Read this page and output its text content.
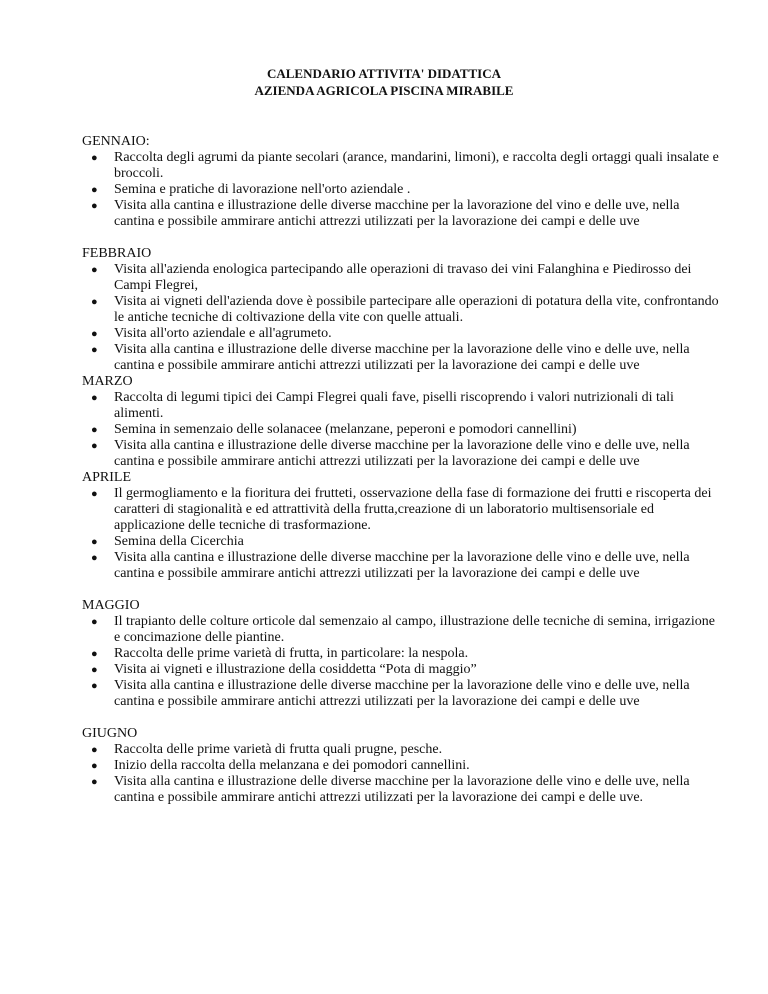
CALENDARIO ATTIVITA' DIDATTICA
AZIENDA AGRICOLA PISCINA MIRABILE
GENNAIO:
● Raccolta degli agrumi da piante secolari (arance, mandarini, limoni), e raccolta degli ortaggi quali insalate e broccoli.
● Semina e pratiche di lavorazione nell'orto aziendale .
● Visita alla cantina e illustrazione delle diverse macchine per la lavorazione del vino e delle uve, nella cantina e possibile ammirare antichi attrezzi utilizzati per la lavorazione dei campi e delle uve
FEBBRAIO
● Visita all'azienda enologica partecipando alle operazioni di travaso dei vini Falanghina e Piedirosso dei Campi Flegrei,
● Visita ai vigneti dell'azienda dove è possibile partecipare alle operazioni di potatura della vite, confrontando le antiche tecniche di coltivazione della vite con quelle attuali.
● Visita all'orto aziendale e all'agrumeto.
● Visita alla cantina e illustrazione delle diverse macchine per la lavorazione delle vino e delle uve, nella cantina e possibile ammirare antichi attrezzi utilizzati per la lavorazione dei campi e delle uve
MARZO
● Raccolta di legumi tipici dei Campi Flegrei quali fave, piselli riscoprendo i valori nutrizionali di tali alimenti.
● Semina in semenzaio delle solanacee (melanzane, peperoni e pomodori cannellini)
● Visita alla cantina e illustrazione delle diverse macchine per la lavorazione delle vino e delle uve, nella cantina e possibile ammirare antichi attrezzi utilizzati per la lavorazione dei campi e delle uve
APRILE
● Il germogliamento e la fioritura dei frutteti, osservazione della fase di formazione dei frutti e riscoperta dei caratteri di stagionalità e ed attrattività della frutta,creazione di un laboratorio multisensoriale ed applicazione delle tecniche di trasformazione.
● Semina della Cicerchia
● Visita alla cantina e illustrazione delle diverse macchine per la lavorazione delle vino e delle uve, nella cantina e possibile ammirare antichi attrezzi utilizzati per la lavorazione dei campi e delle uve
MAGGIO
● Il trapianto delle colture orticole dal semenzaio al campo, illustrazione delle tecniche di semina, irrigazione e concimazione delle piantine.
● Raccolta delle prime varietà di frutta, in particolare: la nespola.
● Visita ai vigneti e illustrazione della cosiddetta “Pota di maggio”
● Visita alla cantina e illustrazione delle diverse macchine per la lavorazione delle vino e delle uve, nella cantina e possibile ammirare antichi attrezzi utilizzati per la lavorazione dei campi e delle uve
GIUGNO
● Raccolta delle prime varietà di frutta quali prugne, pesche.
● Inizio della raccolta della melanzana e dei pomodori cannellini.
● Visita alla cantina e illustrazione delle diverse macchine per la lavorazione delle vino e delle uve, nella cantina e possibile ammirare antichi attrezzi utilizzati per la lavorazione dei campi e delle uve.
